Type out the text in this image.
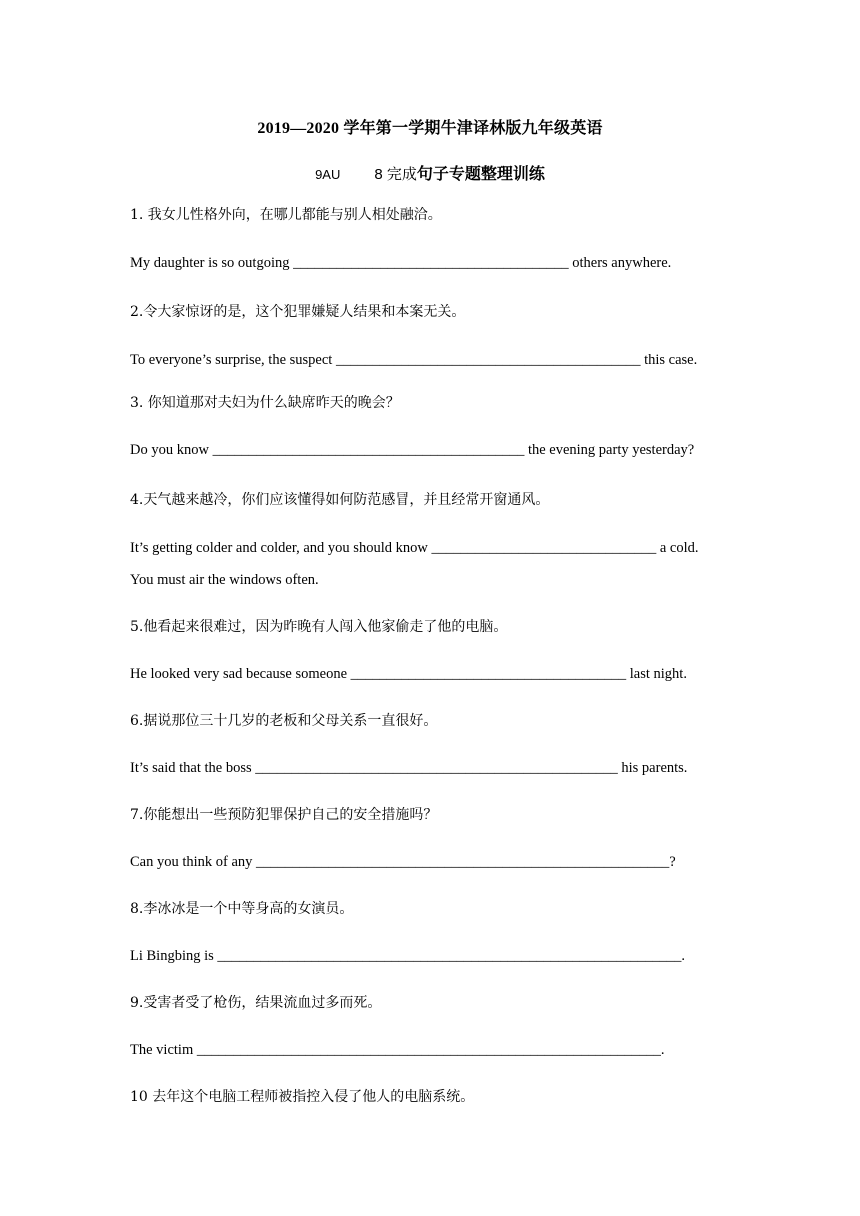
2019—2020 学年第一学期牛津译林版九年级英语
9AU 8 完成句子专题整理训练
1. 我女儿性格外向，在哪儿都能与别人相处融洽。
My daughter is so outgoing ______________________________________ others anywhere.
2.令大家惊讶的是，这个犯罪嫌疑人结果和本案无关。
To everyone’s surprise, the suspect __________________________________________ this case.
3. 你知道那对夫妇为什么缺席昨天的晚会？
Do you know ___________________________________________ the evening party yesterday?
4.天气越来越冷，你们应该懂得如何防范感冒，并且经常开窗通风。
It’s getting colder and colder, and you should know _______________________________ a cold.
You must air the windows often.
5.他看起来很难过，因为昨晚有人闯入他家偷走了他的电脑。
He looked very sad because someone ______________________________________ last night.
6.据说那位三十几岁的老板和父母关系一直很好。
It’s said that the boss __________________________________________________ his parents.
7.你能想出一些预防犯罪保护自己的安全措施吗？
Can you think of any _________________________________________________________?
8.李冰冰是一个中等身高的女演员。
Li Bingbing is ________________________________________________________________.
9.受害者受了枪伤，结果流血过多而死。
The victim ________________________________________________________________.
10 去年这个电脑工程师被指控入侵了他人的电脑系统。
